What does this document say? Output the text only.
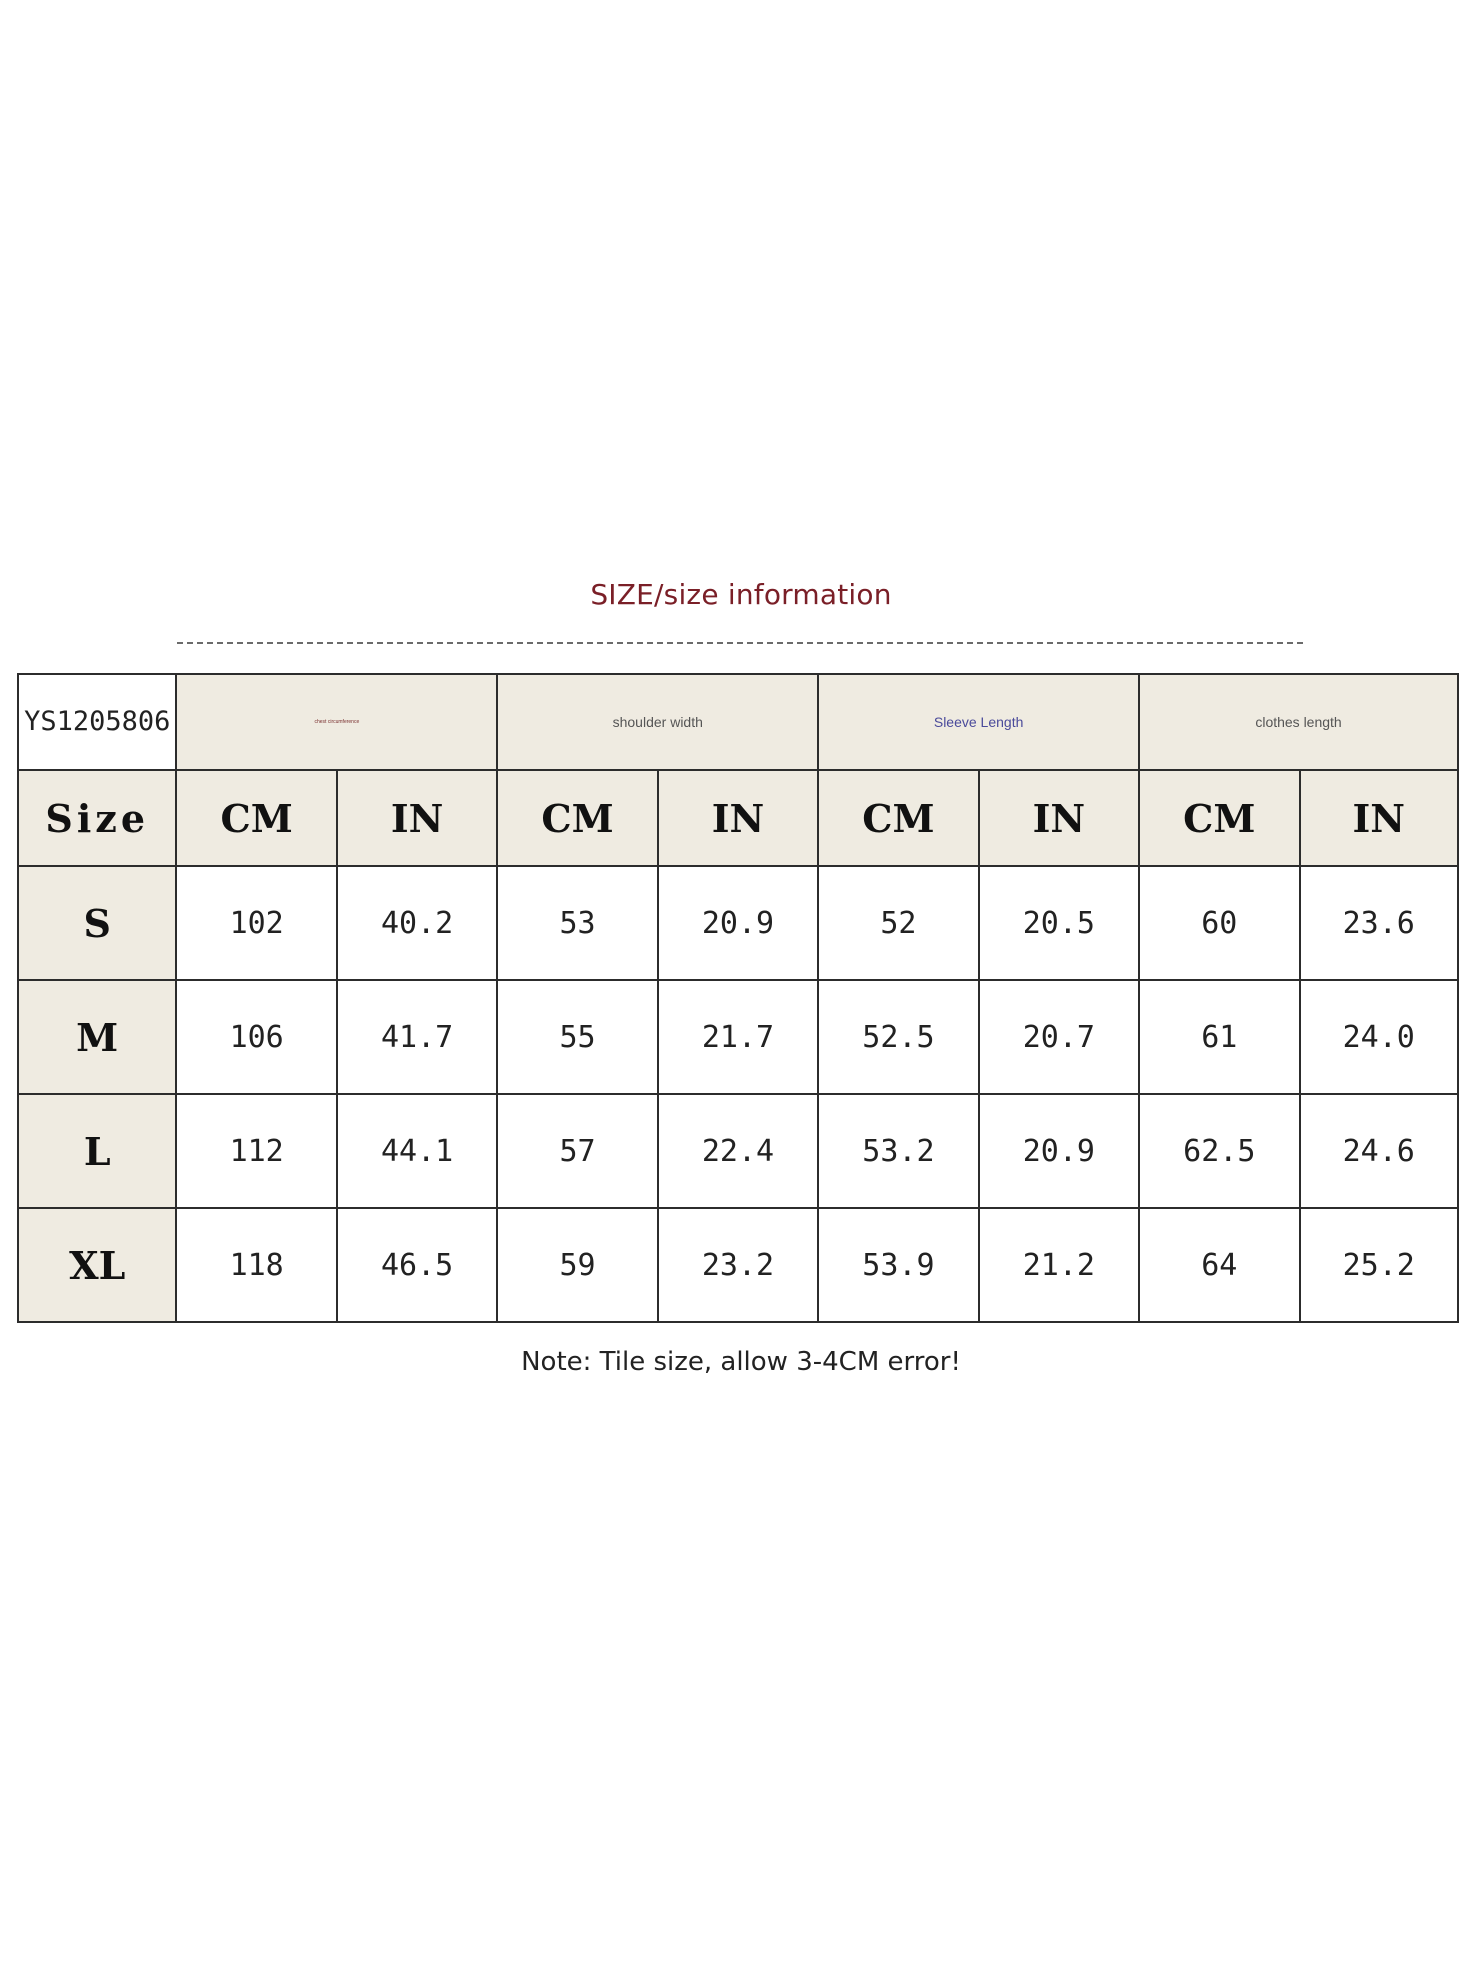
SIZE/size information
YS1205806	chest circumference		shoulder width		Sleeve Length		clothes length	
Size	CM	IN	CM	IN	CM	IN	CM	IN
S	102	40.2	53	20.9	52	20.5	60	23.6
M	106	41.7	55	21.7	52.5	20.7	61	24.0
L	112	44.1	57	22.4	53.2	20.9	62.5	24.6
XL	118	46.5	59	23.2	53.9	21.2	64	25.2
Note: Tile size, allow 3-4CM error!
